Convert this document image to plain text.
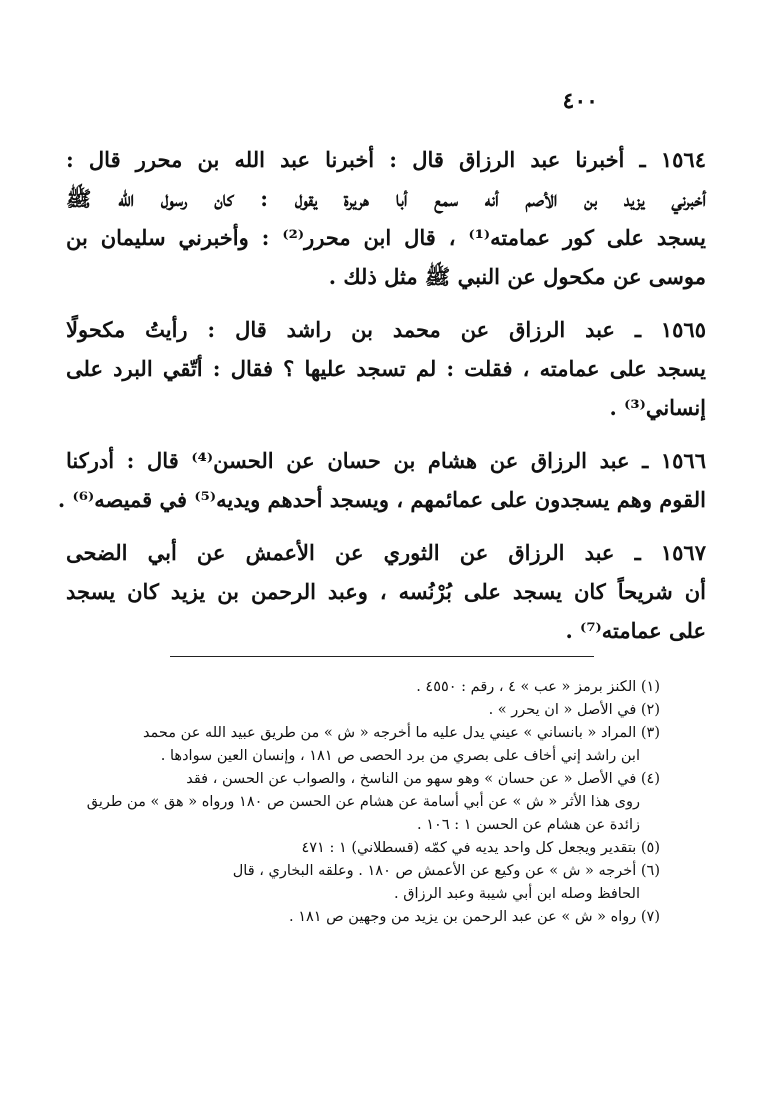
٤٠٠
١٥٦٤ ـ أخبرنا عبد الرزاق قال : أخبرنا عبد الله بن محرر قال :
أخبرني يزيد بن الأصم أنه سمع أبا هريرة يقول : كان رسول الله ﷺ
يسجد على كور عمامته⁽¹⁾ ، قال ابن محرر⁽²⁾ : وأخبرني سليمان بن
موسى عن مكحول عن النبي ﷺ مثل ذلك .
١٥٦٥ ـ عبد الرزاق عن محمد بن راشد قال : رأيتُ مكحولًا
يسجد على عمامته ، فقلت : لم تسجد عليها ؟ فقال : أتّقي البرد على
إنساني⁽³⁾ .
١٥٦٦ ـ عبد الرزاق عن هشام بن حسان عن الحسن⁽⁴⁾ قال : أدركنا
القوم وهم يسجدون على عمائمهم ، ويسجد أحدهم ويديه⁽⁵⁾ في قميصه⁽⁶⁾ .
١٥٦٧ ـ عبد الرزاق عن الثوري عن الأعمش عن أبي الضحى
أن شريحاً كان يسجد على بُرْنُسه ، وعبد الرحمن بن يزيد كان يسجد
على عمامته⁽⁷⁾ .
(١) الكنز برمز « عب » ٤ ، رقم : ٤٥٥٠ .
(٢) في الأصل « ان يحرر » .
(٣) المراد « بانساني » عيني يدل عليه ما أخرجه « ش » من طريق عبيد الله عن محمد
ابن راشد إني أخاف على بصري من برد الحصى ص ١٨١ ، وإنسان العين سوادها .
(٤) في الأصل « عن حسان » وهو سهو من الناسخ ، والصواب عن الحسن ، فقد
روى هذا الأثر « ش » عن أبي أسامة عن هشام عن الحسن ص ١٨٠ ورواه « هق » من طريق
زائدة عن هشام عن الحسن ١ : ١٠٦ .
(٥) بتقدير ويجعل كل واحد يديه في كمّه (قسطلاني) ١ : ٤٧١
(٦) أخرجه « ش » عن وكيع عن الأعمش ص ١٨٠ . وعلقه البخاري ، قال
الحافظ وصله ابن أبي شيبة وعبد الرزاق .
(٧) رواه « ش » عن عبد الرحمن بن يزيد من وجهين ص ١٨١ .
